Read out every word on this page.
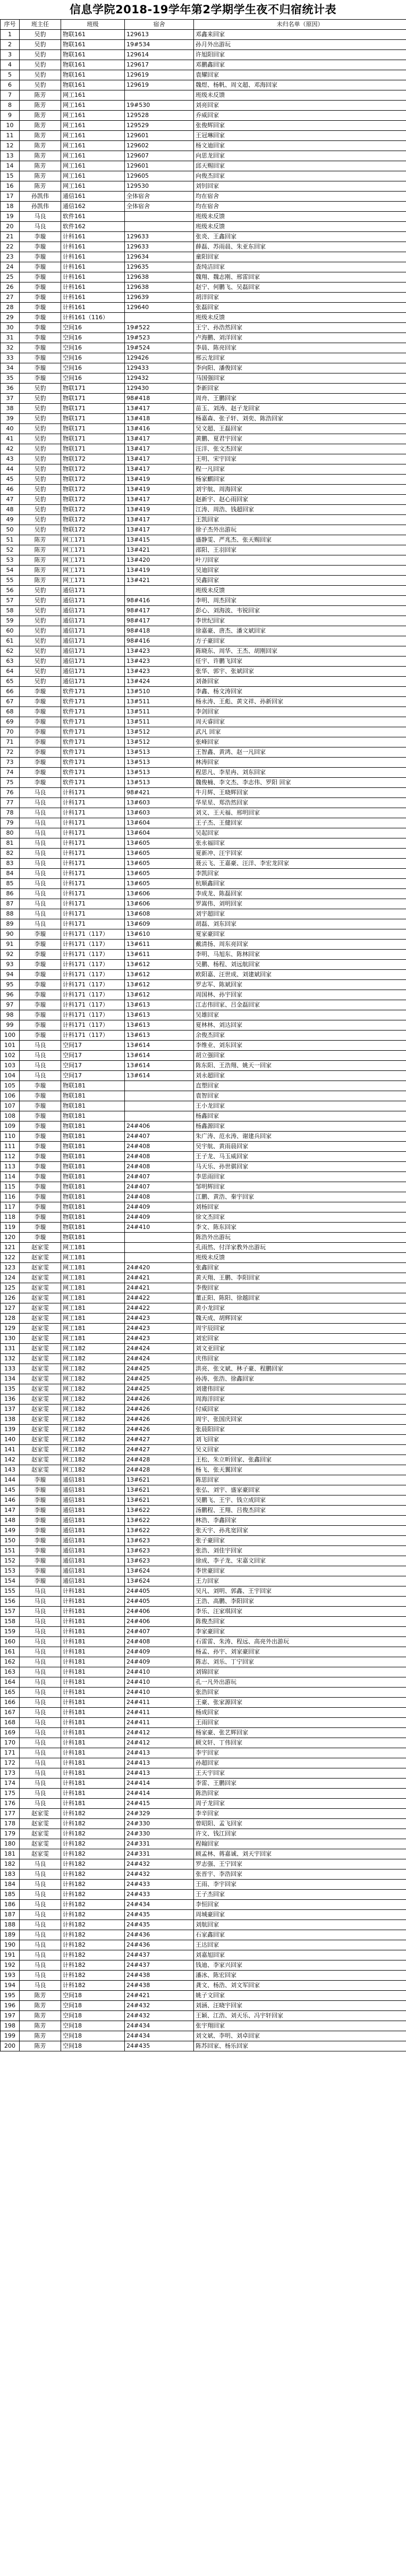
信息学院2018-19学年第2学期学生夜不归宿统计表
序号	班主任	班级	宿舍	未归名单（原因）
1	吴豹	物联161	129613	邓鑫来回家
2	吴豹	物联161	19#534	孙月外出游玩
3	吴豹	物联161	129614	许旭阳回家
4	吴豹	物联161	129617	邓鹏鑫回家
5	吴豹	物联161	129619	袁耀回家
6	吴豹	物联161	129619	魏煜、杨帆、周文超、邓海回家
7	陈芳	网工161		班级未反馈
8	陈芳	网工161	19#530	刘亮回家
9	陈芳	网工161	129528	乔威回家
10	陈芳	网工161	129529	张俊辉回家
11	陈芳	网工161	129601	王冠琳回家
12	陈芳	网工161	129602	杨文迪回家
13	陈芳	网工161	129607	向思龙回家
14	陈芳	网工161	129601	邱天赐回家
15	陈芳	网工161	129605	向俊杰回家
16	陈芳	网工161	129530	刘钊回家
17	孙凯伟	通信161	全体宿舍	均在宿舍
18	孙凯伟	通信162	全体宿舍	均在宿舍
19	马良	软件161		班级未反馈
20	马良	软件162		班级未反馈
21	李璇	计科161	129633	张炎、王鑫回家
22	李璇	计科161	129633	薛磊、苏雨晨、朱亚东回家
23	李璇	计科161	129634	童阳回家
24	李璇	计科161	129635	查纯洁回家
25	李璇	计科161	129638	魏翔、魏志刚、邢雷回家
26	李璇	计科161	129638	赵宁、何鹏飞、吴磊回家
27	李璇	计科161	129639	胡洋回家
28	李璇	计科161	129640	张磊回家
29	李璇	计科161（116）		班级未反馈
30	李璇	空间16	19#522	王宁、孙浩然回家
31	李璇	空间16	19#523	卢海鹏、刘洋回家
32	李璇	空间16	19#524	李晨、陈亮回家
33	李璇	空间16	129426	邢云龙回家
34	李璇	空间16	129433	李向阳、潘俊回家
35	李璇	空间16	129432	马国强回家
36	吴豹	物联171	129430	李新回家
37	吴豹	物联171	98#418	周舟、王鹏回家
38	吴豹	物联171	13#417	苗玉、刘涛、赵子龙回家
39	吴豹	物联171	13#418	杨嘉森、张子轩、刘奕、陈浩回家
40	吴豹	物联171	13#416	吴文超、王磊回家
41	吴豹	物联171	13#417	黄鹏、夏君宇回家
42	吴豹	物联171	13#417	汪洋、张文杰回家
43	吴豹	物联172	13#417	王明、宋宇回家
44	吴豹	物联172	13#417	程一凡回家
45	吴豹	物联172	13#419	杨家麒回家
46	吴豹	物联172	13#419	刘宇航、周海回家
47	吴豹	物联172	13#417	赵新宇、赵心雨回家
48	吴豹	物联172	13#419	江涛、周浩、钱超回家
49	吴豹	物联172	13#417	王凯回家
50	吴豹	物联172	13#417	徐子杰外出游玩
51	陈芳	网工171	13#415	盛静雯、严兆杰、张天赐回家
52	陈芳	网工171	13#421	邵阳、王羽回家
53	陈芳	网工171	13#420	叶刀回家
54	陈芳	网工171	13#419	吴迪回家
55	陈芳	网工171	13#421	吴鑫回家
56	吴豹	通信171		班级未反馈
57	吴豹	通信171	98#416	李明、周杰回家
58	吴豹	通信171	98#417	彭心、刘海波、韦锐回家
59	吴豹	通信171	98#417	李世纪回家
60	吴豹	通信171	98#418	徐嘉豪、唐杰、潘文斌回家
61	吴豹	通信171	98#416	方子豪回家
62	吴豹	通信171	13#423	陈晓东、周华、王杰、胡刚回家
63	吴豹	通信171	13#423	任宇、许鹏飞回家
64	吴豹	通信171	13#423	张华、郭宇、张斌回家
65	吴豹	通信171	13#424	刘备回家
66	李璇	软件171	13#510	李鑫、杨文涛回家
67	李璇	软件171	13#511	杨永涛、王彪、黄文祥、孙新回家
68	李璇	软件171	13#511	李剑回家
69	李璇	软件171	13#511	周天睿回家
70	李璇	软件171	13#512	武凡 回家
71	李璇	软件171	13#512	张峰回家
72	李璇	软件171	13#513	王智鑫、黄鸿、赵一凡回家
73	李璇	软件171	13#513	林涛回家
74	李璇	软件171	13#513	程思凡、李星冉、刘东回家
75	李璇	软件171	13#513	魏俊楠、李文杰、李志伟、罗阳 回家
76	马良	计科171	98#421	牛月辉、王晓辉回家
77	马良	计科171	13#603	华星星、郑浩然回家
78	马良	计科171	13#603	刘义、王天福、邢明回家
79	马良	计科171	13#604	王子杰、王健回家
80	马良	计科171	13#604	吴起回家
81	马良	计科171	13#605	张永福回家
82	马良	计科171	13#605	夏新冲、汪宇回家
83	马良	计科171	13#605	聂云飞、王嘉豪、汪洋、李宏龙回家
84	马良	计科171	13#605	李凯回家
85	马良	计科171	13#605	杭顺鑫回家
86	马良	计科171	13#606	李成龙、陈磊回家
87	马良	计科171	13#606	罗嵩伟、刘明回家
88	马良	计科171	13#608	刘宇超回家
89	马良	计科171	13#609	胡磊、刘东回家
90	李璇	计科171（117）	13#610	夏家豪回家
91	李璇	计科171（117）	13#611	戴清扬、周东亮回家
92	李璇	计科171（117）	13#611	李明、马旭东、陈林回家
93	李璇	计科171（117）	13#612	吴鹏、杨程、刘远航回家
94	李璇	计科171（117）	13#612	欧阳嘉、汪世成、刘建斌回家
95	李璇	计科171（117）	13#612	罗志军、陈斌回家
96	李璇	计科171（117）	13#612	周国林、孙宇回家
97	李璇	计科171（117）	13#613	江志伟回家、吕金磊回家
98	李璇	计科171（117）	13#613	吴雄回家
99	李璇	计科171（117）	13#613	夏林林、刘达回家
100	李璇	计科171（117）	13#613	余俊杰回家
101	马良	空间17	13#614	李维业、刘东回家
102	马良	空间17	13#614	胡立强回家
103	马良	空间17	13#614	陈东阳、王浩翔、姚天一回家
104	马良	空间17	13#614	刘永超回家
105	李璇	物联181		直塑回家
106	李璇	物联181		袁智回家
107	李璇	物联181		王小龙回家
108	李璇	物联181		杨鑫回家
109	李璇	物联181	24#406	杨鑫源回家
110	李璇	物联181	24#407	朱广涛、范永涛、谢建兵回家
111	李璇	物联181	24#408	吴宇航、黄雨晨回家
112	李璇	物联181	24#408	王子龙、马玉威回家
113	李璇	物联181	24#408	马天乐、孙世骐回家
114	李璇	物联181	24#407	李思雨回家
115	李璇	物联181	24#407	邹明辉回家
116	李璇	物联181	24#408	江鹏、黄浩、秦宇回家
117	李璇	物联181	24#409	刘杨回家
118	李璇	物联181	24#409	徐文杰回家
119	李璇	物联181	24#410	李文、陈东回家
120	李璇	物联181		陈浩外出游玩
121	赵家雯	网工181		孔雨然、付洋家教外出游玩
122	赵家雯	网工181		班级未反馈
123	赵家雯	网工181	24#420	张鑫回家
124	赵家雯	网工181	24#421	黄天翔、王鹏、李阳回家
125	赵家雯	网工181	24#421	李俊回家
126	赵家雯	网工181	24#422	董正阳、陈阳、徐越回家
127	赵家雯	网工181	24#422	黄小龙回家
128	赵家雯	网工181	24#423	魏天成、胡辉回家
129	赵家雯	网工181	24#423	周宇辰回家
130	赵家雯	网工181	24#423	刘宏回家
131	赵家雯	网工182	24#424	刘文亚回家
132	赵家雯	网工182	24#424	庆伟回家
133	赵家雯	网工182	24#425	洪亮、张文斌、林子豪、程鹏回家
134	赵家雯	网工182	24#425	孙涛、张浩、徐鑫回家
135	赵家雯	网工182	24#425	刘建伟回家
136	赵家雯	网工182	24#426	周海洋回家
137	赵家雯	网工182	24#426	付威回家
138	赵家雯	网工182	24#426	周宇、张国庆回家
139	赵家雯	网工182	24#426	张晨阳回家
140	赵家雯	网工182	24#427	刘飞回家
141	赵家雯	网工182	24#427	吴义回家
142	赵家雯	网工182	24#428	王松、朱立昕回家、张鑫回家
143	赵家雯	网工182	24#428	杨飞、张天翼回家
144	李璇	通信181	13#621	陈思回家
145	李璇	通信181	13#621	张弘、刘宇、盛家豪回家
146	李璇	通信181	13#621	吴鹏飞、王宇、钱立成回家
147	李璇	通信181	13#622	汤鹏程、王翔、吕俊杰回家
148	李璇	通信181	13#622	林浩、李鑫回家
149	李璇	通信181	13#622	张天宇、孙兆宽回家
150	李璇	通信181	13#623	张子豪回家
151	李璇	通信181	13#623	张浩、刘佳宇回家
152	李璇	通信181	13#623	徐成、李子龙、宋嘉文回家
153	李璇	通信181	13#624	李世豪回家
154	李璇	通信181	13#624	王力回家
155	马良	计科181	24#405	吴凡、刘明、郭鑫、王宇回家
156	马良	计科181	24#405	王浩、高鹏、李阳回家
157	马良	计科181	24#406	李乐、汪家琪回家
158	马良	计科181	24#406	陈俊杰回家
159	马良	计科181	24#407	李家豪回家
160	马良	计科181	24#408	石雷雷、朱涛、程远、高亮外出游玩
161	马良	计科181	24#409	杨孟、孙宇、刘家豪回家
162	马良	计科181	24#409	陈志、刘乐、丁宁回家
163	马良	计科181	24#410	刘锦回家
164	马良	计科181	24#410	孔一凡外出游玩
165	马良	计科181	24#410	张浩回家
166	马良	计科181	24#411	王豪、张家源回家
167	马良	计科181	24#411	杨成回家
168	马良	计科181	24#411	王雨回家
169	马良	计科181	24#412	杨家豪、张艺辉回家
170	马良	计科181	24#412	顾文轩、丁伟回家
171	马良	计科181	24#413	李宇回家
172	马良	计科181	24#413	孙超回家
173	马良	计科181	24#413	王天宇回家
174	马良	计科181	24#414	李雷、王鹏回家
175	马良	计科181	24#414	陈浩回家
176	马良	计科181	24#415	周子龙回家
177	赵家雯	计科182	24#329	李辛回家
178	赵家雯	计科182	24#330	曾昭阳、孟飞回家
179	赵家雯	计科182	24#330	许文、钱江回家
180	赵家雯	计科182	24#331	程翰回家
181	赵家雯	计科182	24#331	顾孟林、蒋嘉诚、刘天宇回家
182	马良	计科182	24#432	罗志强、王宁回家
183	马良	计科182	24#432	张晋宇、李浩回家
184	马良	计科182	24#433	王雨、李宇回家
185	马良	计科182	24#433	王子杰回家
186	马良	计科182	24#434	李恒回家
187	马良	计科182	24#435	周城豪回家
188	马良	计科182	24#435	刘航回家
189	马良	计科182	24#436	石家鑫回家
190	马良	计科182	24#436	王达回家
191	马良	计科182	24#437	刘嘉旭回家
192	马良	计科182	24#437	钱迪、李家兴回家
193	马良	计科182	24#438	潘冰、陈宏回家
194	马良	计科182	24#438	龚文、杨浩、刘文军回家
195	陈芳	空间18	24#421	姚子文回家
196	陈芳	空间18	24#432	刘涵、汪晓宇回家
197	陈芳	空间18	24#432	王颖、江浩、刘天乐、冯宇轩回家
198	陈芳	空间18	24#434	张宇翔回家
199	陈芳	空间18	24#434	刘文斌、李明、刘卓回家
200	陈芳	空间18	24#435	陈苏回家、杨乐回家
